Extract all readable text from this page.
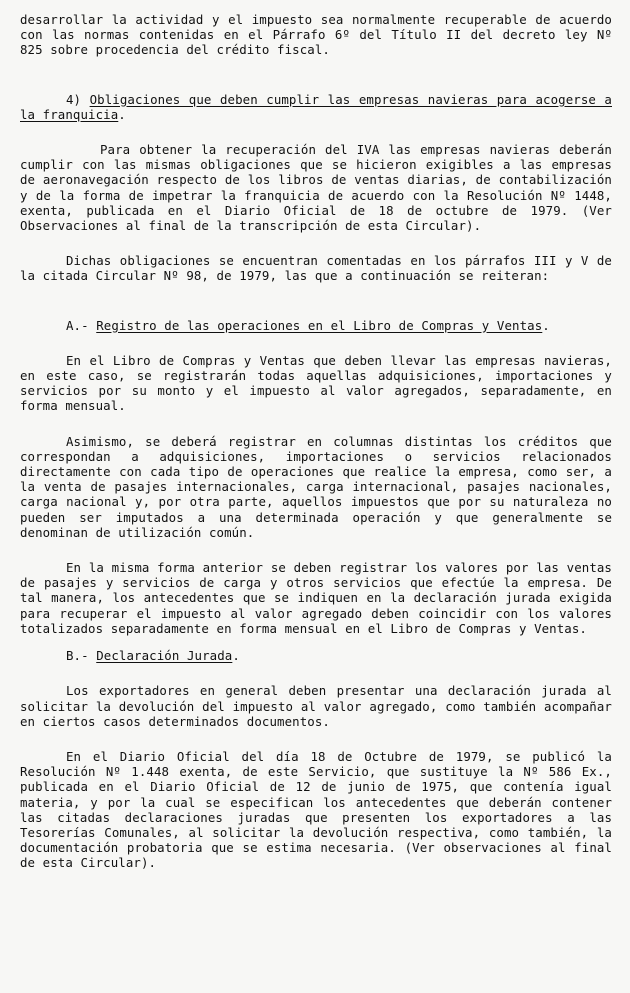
desarrollar la actividad y el impuesto sea normalmente recuperable de acuerdo con las normas contenidas en el Párrafo 6º del Título II del decreto ley Nº 825 sobre procedencia del crédito fiscal.

4) Obligaciones que deben cumplir las empresas navieras para acogerse a la franquicia.

Para obtener la recuperación del IVA las empresas navieras deberán cumplir con las mismas obligaciones que se hicieron exigibles a las empresas de aeronavegación respecto de los libros de ventas diarias, de contabilización y de la forma de impetrar la franquicia de acuerdo con la Resolución Nº 1448, exenta, publicada en el Diario Oficial de 18 de octubre de 1979. (Ver Observaciones al final de la transcripción de esta Circular).

Dichas obligaciones se encuentran comentadas en los párrafos III y V de la citada Circular Nº 98, de 1979, las que a continuación se reiteran:

A.- Registro de las operaciones en el Libro de Compras y Ventas.

En el Libro de Compras y Ventas que deben llevar las empresas navieras, en este caso, se registrarán todas aquellas adquisiciones, importaciones y servicios por su monto y el impuesto al valor agregados, separadamente, en forma mensual.

Asimismo, se deberá registrar en columnas distintas los créditos que correspondan a adquisiciones, importaciones o servicios relacionados directamente con cada tipo de operaciones que realice la empresa, como ser, a la venta de pasajes internacionales, carga internacional, pasajes nacionales, carga nacional y, por otra parte, aquellos impuestos que por su naturaleza no pueden ser imputados a una determinada operación y que generalmente se denominan de utilización común.

En la misma forma anterior se deben registrar los valores por las ventas de pasajes y servicios de carga y otros servicios que efectúe la empresa. De tal manera, los antecedentes que se indiquen en la declaración jurada exigida para recuperar el impuesto al valor agregado deben coincidir con los valores totalizados separadamente en forma mensual en el Libro de Compras y Ventas.

B.- Declaración Jurada.

Los exportadores en general deben presentar una declaración jurada al solicitar la devolución del impuesto al valor agregado, como también acompañar en ciertos casos determinados documentos.

En el Diario Oficial del día 18 de Octubre de 1979, se publicó la Resolución Nº 1.448 exenta, de este Servicio, que sustituye la Nº 586 Ex., publicada en el Diario Oficial de 12 de junio de 1975, que contenía igual materia, y por la cual se especifican los antecedentes que deberán contener las citadas declaraciones juradas que presenten los exportadores a las Tesorerías Comunales, al solicitar la devolución respectiva, como también, la documentación probatoria que se estima necesaria. (Ver observaciones al final de esta Circular).
